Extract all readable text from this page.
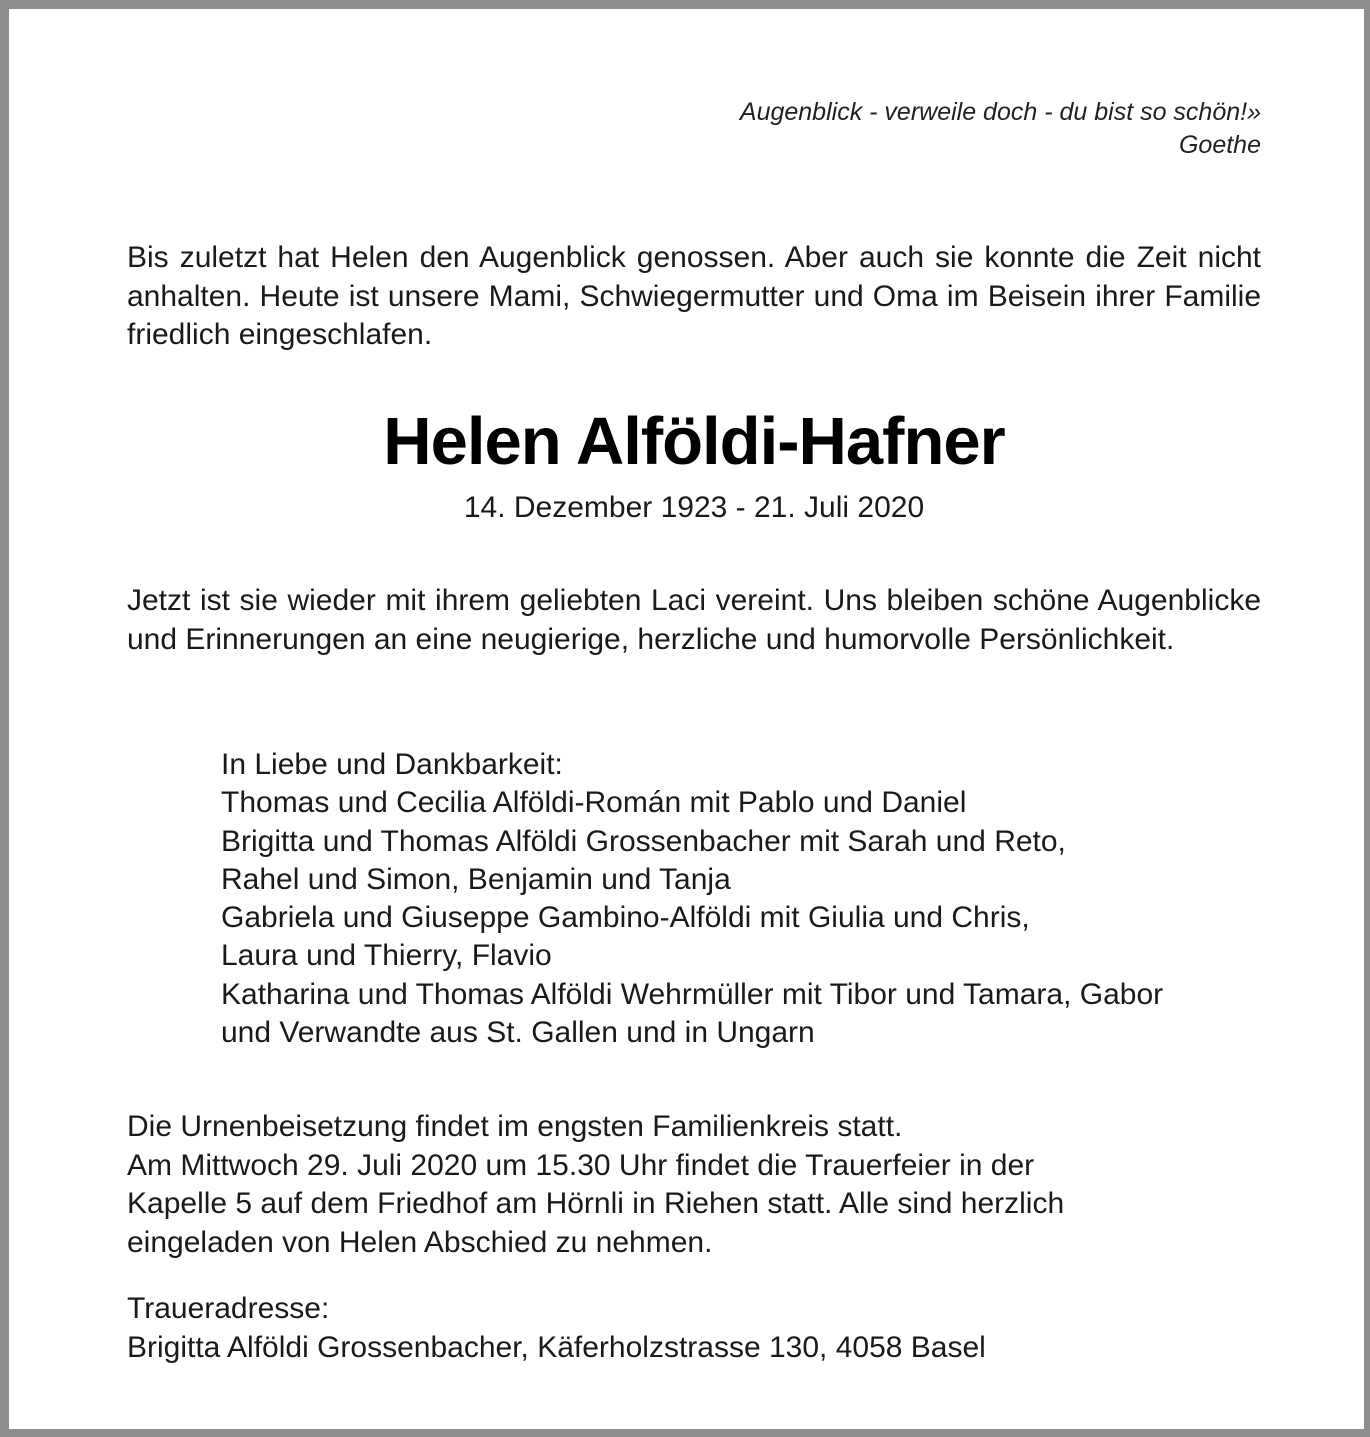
Augenblick - verweile doch - du bist so schön!»
Goethe
Bis zuletzt hat Helen den Augenblick genossen. Aber auch sie konnte die Zeit nicht anhalten. Heute ist unsere Mami, Schwiegermutter und Oma im Beisein ihrer Familie friedlich eingeschlafen.
Helen Alföldi-Hafner
14. Dezember 1923 - 21. Juli 2020
Jetzt ist sie wieder mit ihrem geliebten Laci vereint. Uns bleiben schöne Augenblicke und Erinnerungen an eine neugierige, herzliche und humorvolle Persönlichkeit.
In Liebe und Dankbarkeit:
Thomas und Cecilia Alföldi-Román mit Pablo und Daniel
Brigitta und Thomas Alföldi Grossenbacher mit Sarah und Reto,
Rahel und Simon, Benjamin und Tanja
Gabriela und Giuseppe Gambino-Alföldi mit Giulia und Chris,
Laura und Thierry, Flavio
Katharina und Thomas Alföldi Wehrmüller mit Tibor und Tamara, Gabor
und Verwandte aus St. Gallen und in Ungarn
Die Urnenbeisetzung findet im engsten Familienkreis statt.
Am Mittwoch 29. Juli 2020 um 15.30 Uhr findet die Trauerfeier in der
Kapelle 5 auf dem Friedhof am Hörnli in Riehen statt. Alle sind herzlich
eingeladen von Helen Abschied zu nehmen.
Traueradresse:
Brigitta Alföldi Grossenbacher, Käferholzstrasse 130, 4058 Basel
